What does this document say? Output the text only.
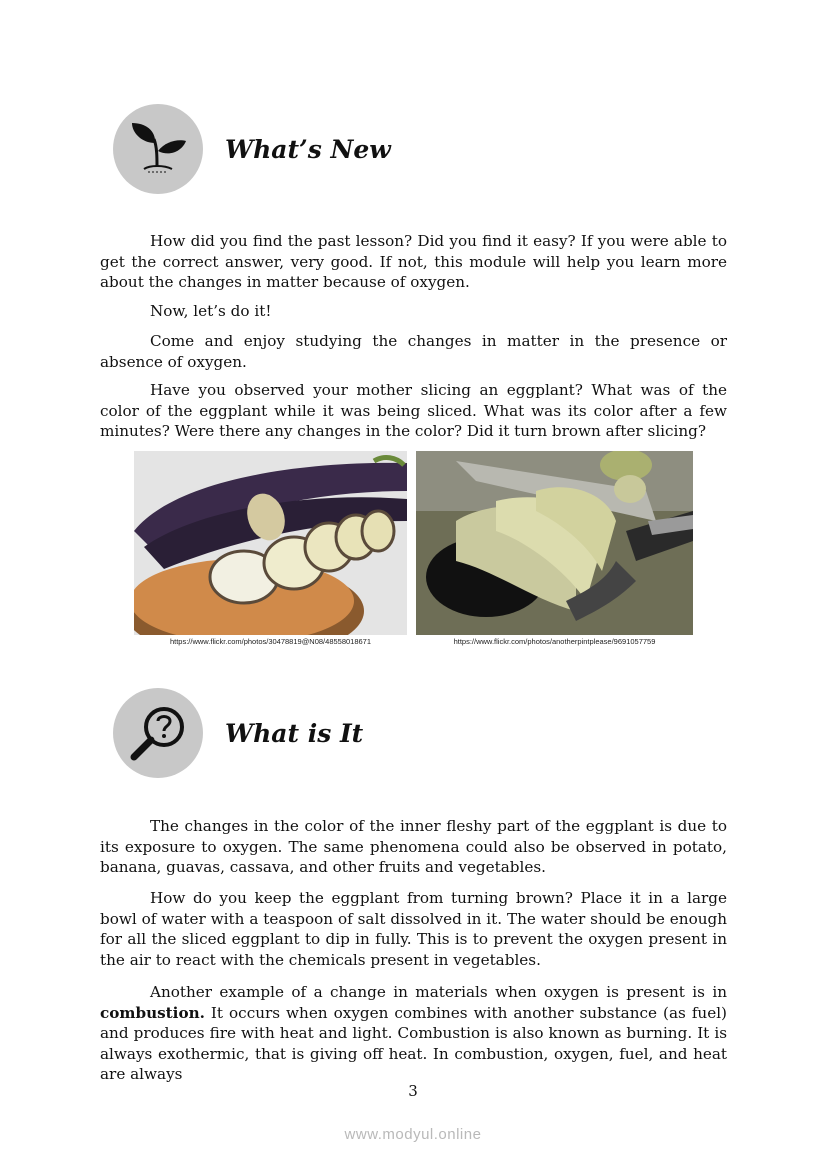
What’s New

How did you find the past lesson? Did you find it easy? If you were able to get the correct answer, very good. If not, this module will help you learn more about the changes in matter because of oxygen.

Now, let’s do it!

Come and enjoy studying the changes in matter in the presence or absence of oxygen.

Have you observed your mother slicing an eggplant? What was of the color of the eggplant while it was being sliced. What was its color after a few minutes? Were there any changes in the color? Did it turn brown after slicing?

https://www.flickr.com/photos/30478819@N08/48558018671	https://www.flickr.com/photos/anotherpintplease/9691057759
What is It

The changes in the color of the inner fleshy part of the eggplant is due to its exposure to oxygen. The same phenomena could also be observed in potato, banana, guavas, cassava, and other fruits and vegetables.

How do you keep the eggplant from turning brown? Place it in a large bowl of water with a teaspoon of salt dissolved in it. The water should be enough for all the sliced eggplant to dip in fully. This is to prevent the oxygen present in the air to react with the chemicals present in vegetables.

Another example of a change in materials when oxygen is present is in combustion. It occurs when oxygen combines with another substance (as fuel) and produces fire with heat and light. Combustion is also known as burning. It is always exothermic, that is giving off heat. In combustion, oxygen, fuel, and heat are always

3
www.modyul.online
